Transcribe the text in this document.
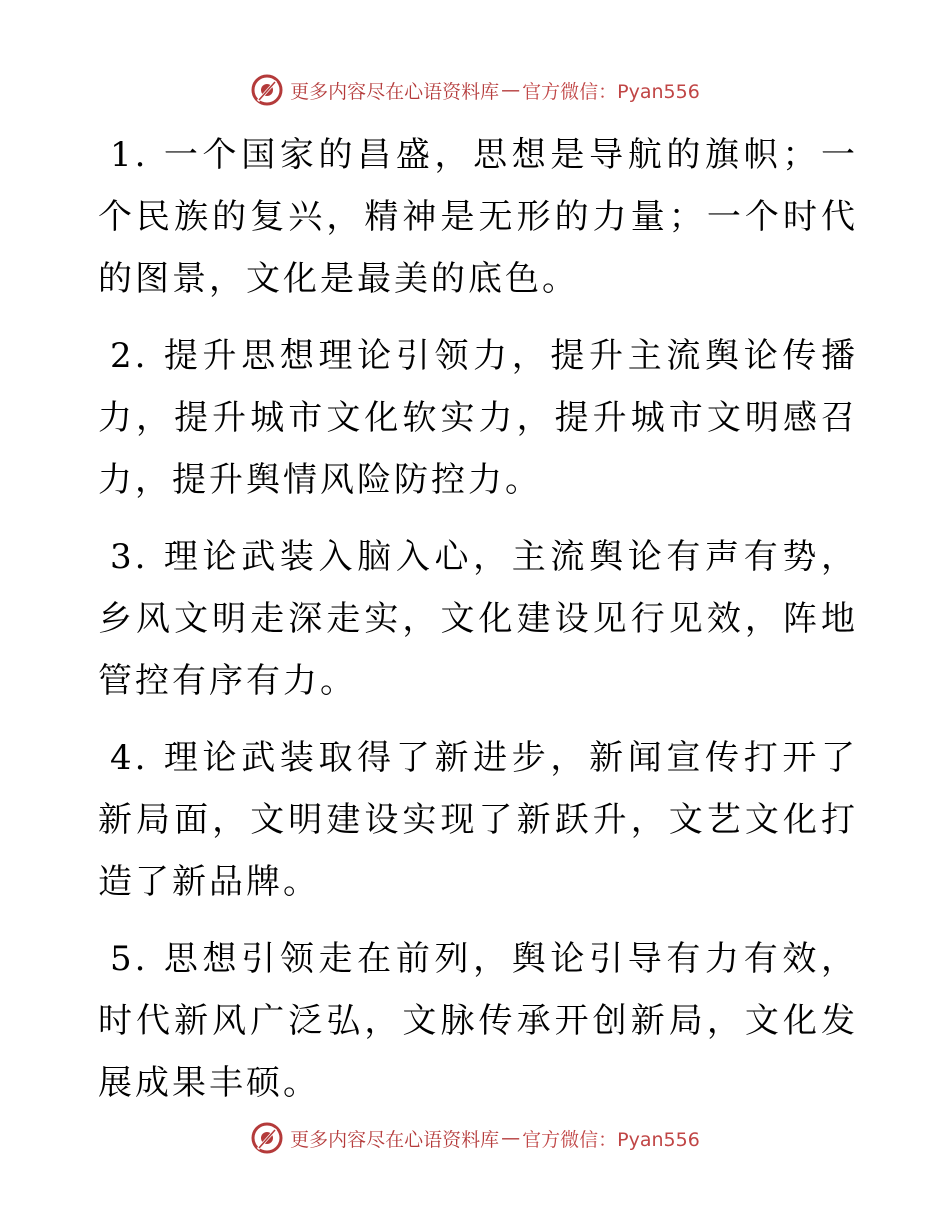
更多内容尽在心语资料库 — 官方微信：Pyan556

1. 一个国家的昌盛，思想是导航的旗帜；一个民族的复兴，精神是无形的力量；一个时代的图景，文化是最美的底色。

2. 提升思想理论引领力，提升主流舆论传播力，提升城市文化软实力，提升城市文明感召力，提升舆情风险防控力。

3. 理论武装入脑入心，主流舆论有声有势，乡风文明走深走实，文化建设见行见效，阵地管控有序有力。

4. 理论武装取得了新进步，新闻宣传打开了新局面，文明建设实现了新跃升，文艺文化打造了新品牌。

5. 思想引领走在前列，舆论引导有力有效，时代新风广泛弘，文脉传承开创新局，文化发展成果丰硕。

更多内容尽在心语资料库 — 官方微信：Pyan556
